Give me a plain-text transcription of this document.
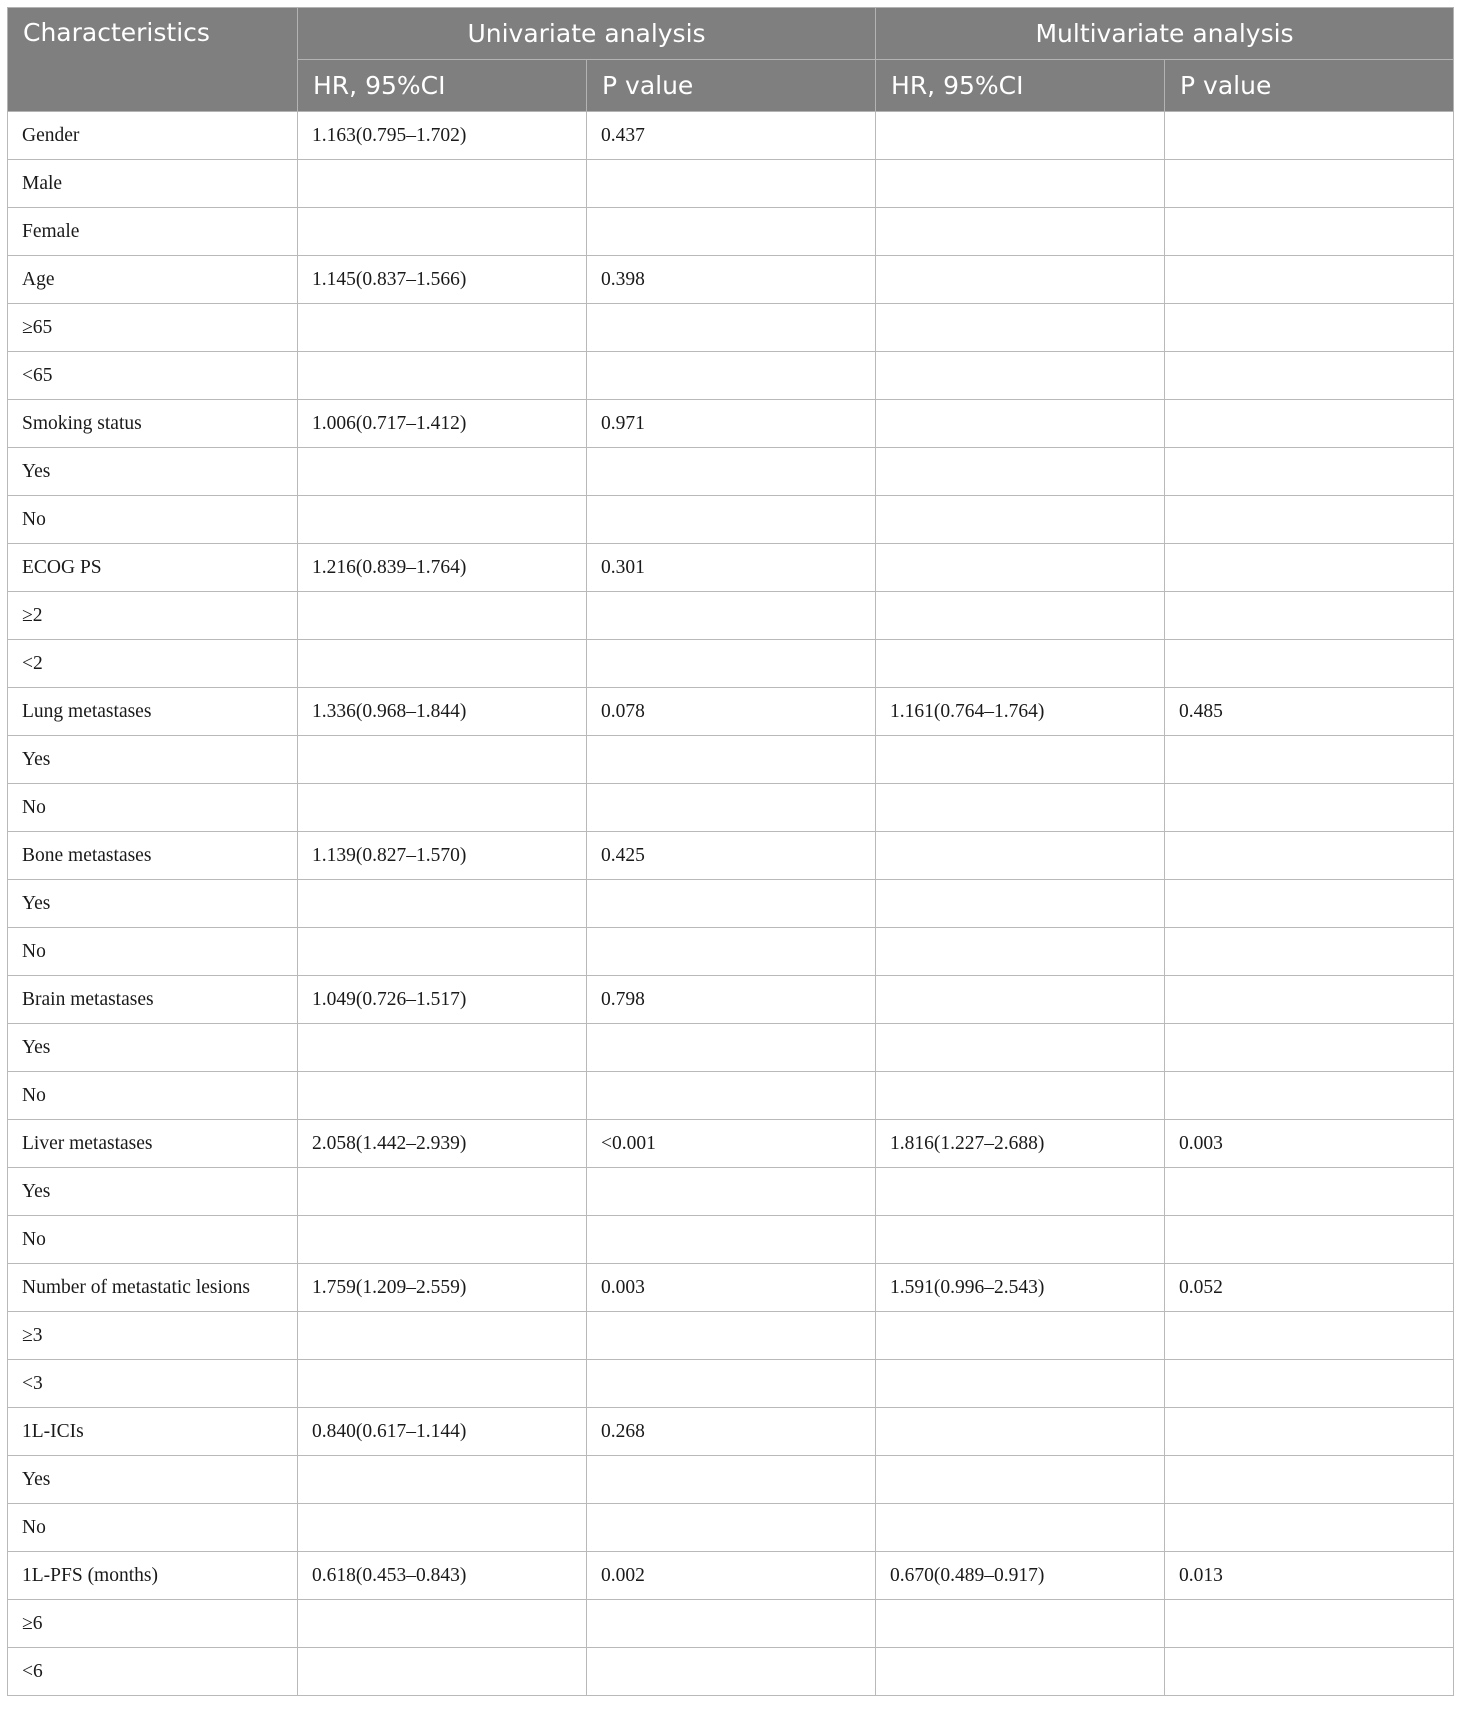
Characteristics	Univariate analysis		Multivariate analysis	
	HR, 95%CI	P value	HR, 95%CI	P value
Gender	1.163(0.795–1.702)	0.437		
Male				
Female				
Age	1.145(0.837–1.566)	0.398		
≥65				
<65				
Smoking status	1.006(0.717–1.412)	0.971		
Yes				
No				
ECOG PS	1.216(0.839–1.764)	0.301		
≥2				
<2				
Lung metastases	1.336(0.968–1.844)	0.078	1.161(0.764–1.764)	0.485
Yes				
No				
Bone metastases	1.139(0.827–1.570)	0.425		
Yes				
No				
Brain metastases	1.049(0.726–1.517)	0.798		
Yes				
No				
Liver metastases	2.058(1.442–2.939)	<0.001	1.816(1.227–2.688)	0.003
Yes				
No				
Number of metastatic lesions	1.759(1.209–2.559)	0.003	1.591(0.996–2.543)	0.052
≥3				
<3				
1L-ICIs	0.840(0.617–1.144)	0.268		
Yes				
No				
1L-PFS (months)	0.618(0.453–0.843)	0.002	0.670(0.489–0.917)	0.013
≥6				
<6				
